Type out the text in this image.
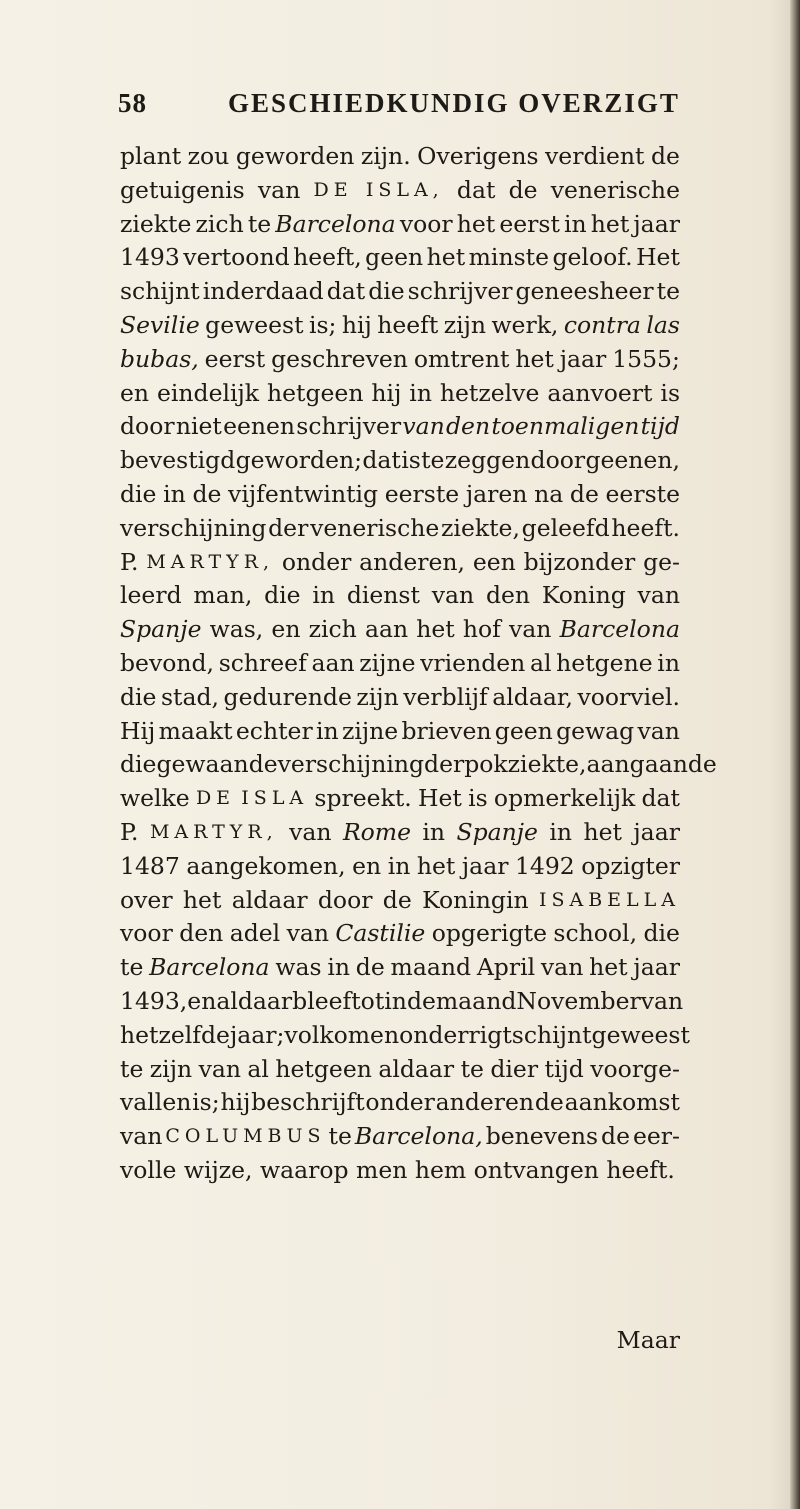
58	GESCHIEDKUNDIG OVERZIGT
plant zou geworden zijn. Overigens verdient de
getuigenis van DE ISLA, dat de venerische
ziekte zich te Barcelona voor het eerst in het jaar
1493 vertoond heeft, geen het minste geloof. Het
schijnt inderdaad dat die schrijver geneesheer te
Sevilie geweest is; hij heeft zijn werk, contra las
bubas, eerst geschreven omtrent het jaar 1555;
en eindelijk hetgeen hij in hetzelve aanvoert is
door niet eenen schrijver van den toenmaligen tijd
bevestigd geworden; dat is te zeggen door geenen,
die in de vijfentwintig eerste jaren na de eerste
verschijning der venerische ziekte, geleefd heeft.
P. MARTYR, onder anderen, een bijzonder ge-
leerd man, die in dienst van den Koning van
Spanje was, en zich aan het hof van Barcelona
bevond, schreef aan zijne vrienden al hetgene in
die stad, gedurende zijn verblijf aldaar, voorviel.
Hij maakt echter in zijne brieven geen gewag van
die gewaande verschijning der pokziekte, aangaande
welke DE ISLA spreekt. Het is opmerkelijk dat
P. MARTYR, van Rome in Spanje in het jaar
1487 aangekomen, en in het jaar 1492 opzigter
over het aldaar door de Koningin ISABELLA
voor den adel van Castilie opgerigte school, die
te Barcelona was in de maand April van het jaar
1493, en aldaar bleef tot in de maand November van
hetzelfde jaar; volkomen onderrigt schijnt geweest
te zijn van al hetgeen aldaar te dier tijd voorge-
vallen is; hij beschrijft onder anderen de aankomst
van COLUMBUS te Barcelona, benevens de eer-
volle wijze, waarop men hem ontvangen heeft.
Maar
